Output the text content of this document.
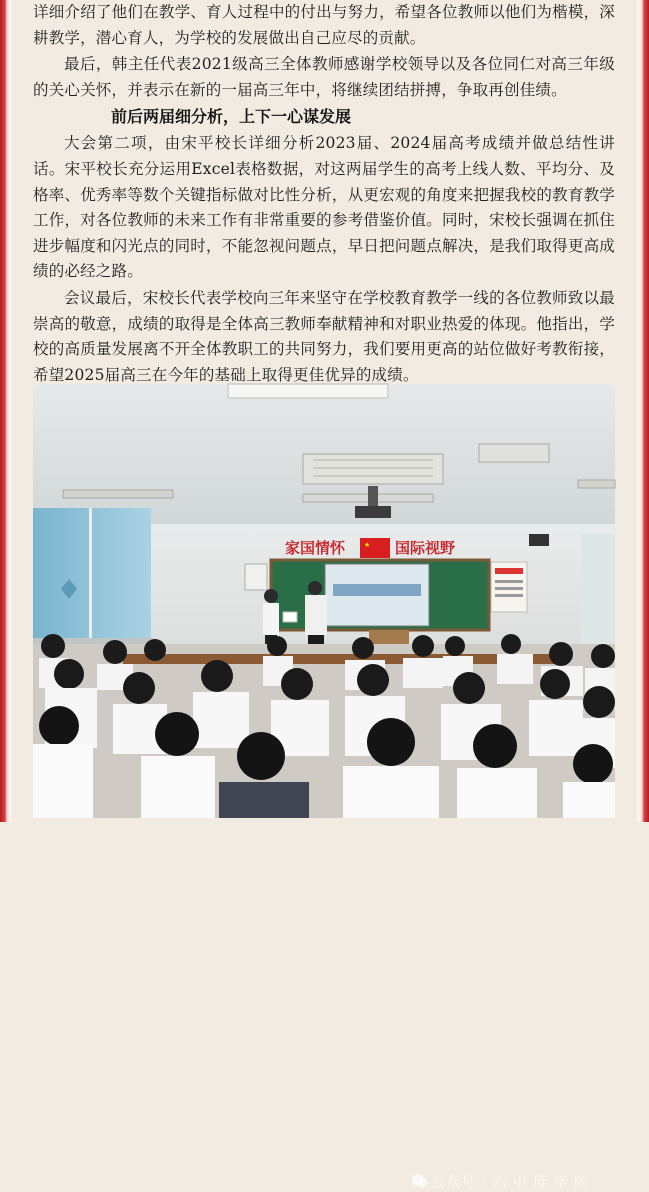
详细介绍了他们在教学、育人过程中的付出与努力，希望各位教师以他们为楷模，深耕教学，潜心育人，为学校的发展做出自己应尽的贡献。

最后，韩主任代表2021级高三全体教师感谢学校领导以及各位同仁对高三年级的关心关怀，并表示在新的一届高三年中，将继续团结拼搏，争取再创佳绩。

前后两届细分析，上下一心谋发展

大会第二项，由宋平校长详细分析2023届、2024届高考成绩并做总结性讲话。宋平校长充分运用Excel表格数据，对这两届学生的高考上线人数、平均分、及格率、优秀率等数个关键指标做对比性分析，从更宏观的角度来把握我校的教育教学工作，对各位教师的未来工作有非常重要的参考借鉴价值。同时，宋校长强调在抓住进步幅度和闪光点的同时，不能忽视问题点，早日把问题点解决，是我们取得更高成绩的必经之路。

会议最后，宋校长代表学校向三年来坚守在学校教育教学一线的各位教师致以最崇高的敬意，成绩的取得是全体高三教师奉献精神和对职业热爱的体现。他指出，学校的高质量发展离不开全体教职工的共同努力，我们要用更高的站位做好考教衔接，希望2025届高三在今年的基础上取得更佳优异的成绩。

家国情怀	★ 国际视野
公众号 · 六 中 度 学 院
